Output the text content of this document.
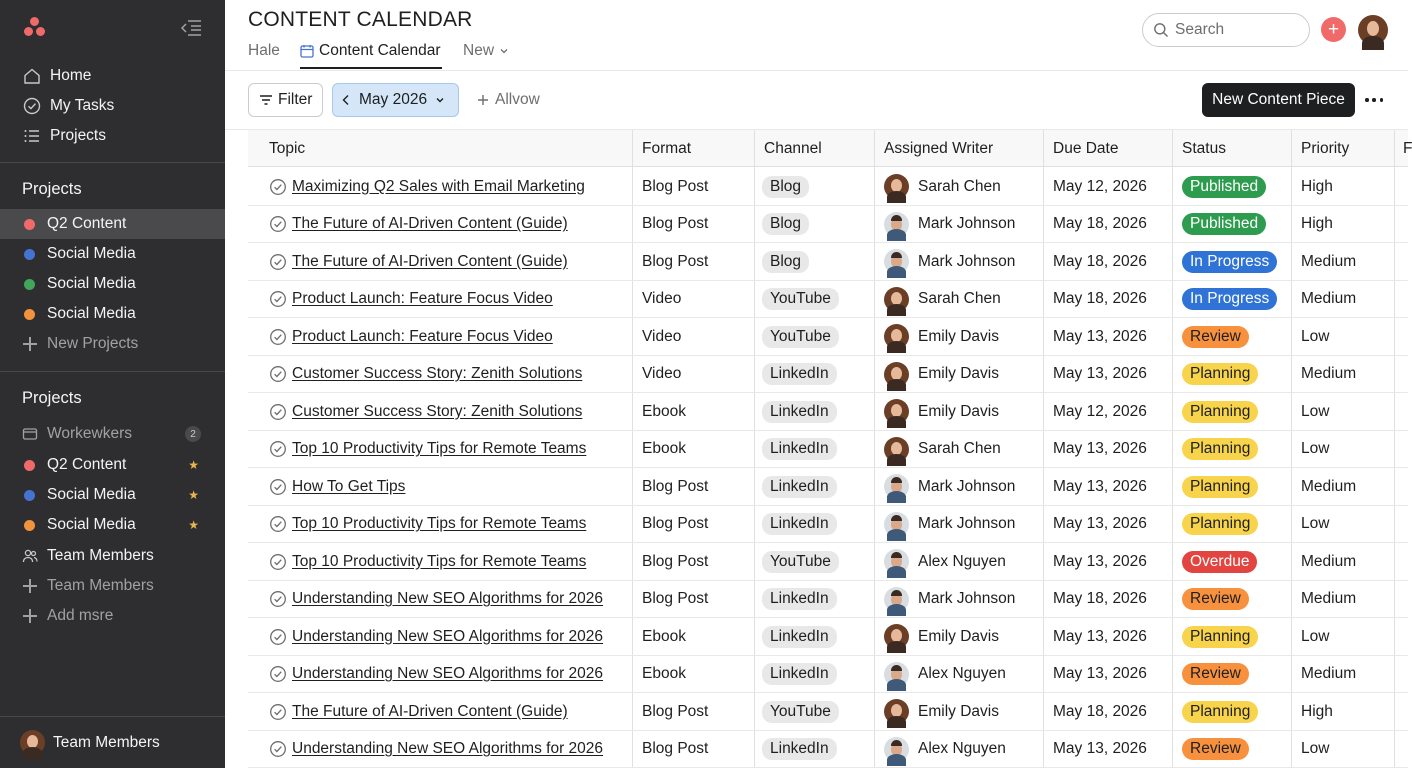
Home
My Tasks
Projects
Projects
Q2 Content
Social Media
Social Media
Social Media
New Projects
Projects
Workewkers	2
Q2 Content	★
Social Media	★
Social Media	★
Team Members
Team Members
Add msre
Team Members
CONTENT CALENDAR
Hale	Content Calendar New
Search
+
Filter	May 2026	Allvow	New Content Piece
Topic	Format	Channel	Assigned Writer	Due Date	Status	Priority	F
Maximizing Q2 Sales with Email Marketing	Blog Post	Blog	Sarah Chen	May 12, 2026	Published	High
The Future of AI-Driven Content (Guide)	Blog Post	Blog	Mark Johnson May 18, 2026	Published	High
The Future of AI-Driven Content (Guide)	Blog Post	Blog	Mark Johnson May 18, 2026	In Progress	Medium
Product Launch: Feature Focus Video	Video	YouTube	Sarah Chen	May 18, 2026	In Progress	Medium
Product Launch: Feature Focus Video	Video	YouTube	Emily Davis	May 13, 2026	Review	Low
Customer Success Story: Zenith Solutions	Video	LinkedIn	Emily Davis	May 13, 2026	Planning	Medium
Customer Success Story: Zenith Solutions	Ebook	LinkedIn	Emily Davis	May 12, 2026	Planning	Low
Top 10 Productivity Tips for Remote Teams	Ebook	LinkedIn	Sarah Chen	May 13, 2026	Planning	Low
How To Get Tips	Blog Post	LinkedIn	Mark Johnson May 13, 2026	Planning	Medium
Top 10 Productivity Tips for Remote Teams	Blog Post	LinkedIn	Mark Johnson May 13, 2026	Planning	Low
Top 10 Productivity Tips for Remote Teams	Blog Post	YouTube	Alex Nguyen	May 13, 2026	Overdue	Medium
Understanding New SEO Algorithms for 2026	Blog Post	LinkedIn	Mark Johnson May 18, 2026	Review	Medium
Understanding New SEO Algorithms for 2026	Ebook	LinkedIn	Emily Davis	May 13, 2026	Planning	Low
Understanding New SEO Algorithms for 2026	Ebook	LinkedIn	Alex Nguyen	May 13, 2026	Review	Medium
The Future of AI-Driven Content (Guide)	Blog Post	YouTube	Emily Davis	May 18, 2026	Planning	High
Understanding New SEO Algorithms for 2026	Blog Post	LinkedIn	Alex Nguyen	May 13, 2026	Review	Low
